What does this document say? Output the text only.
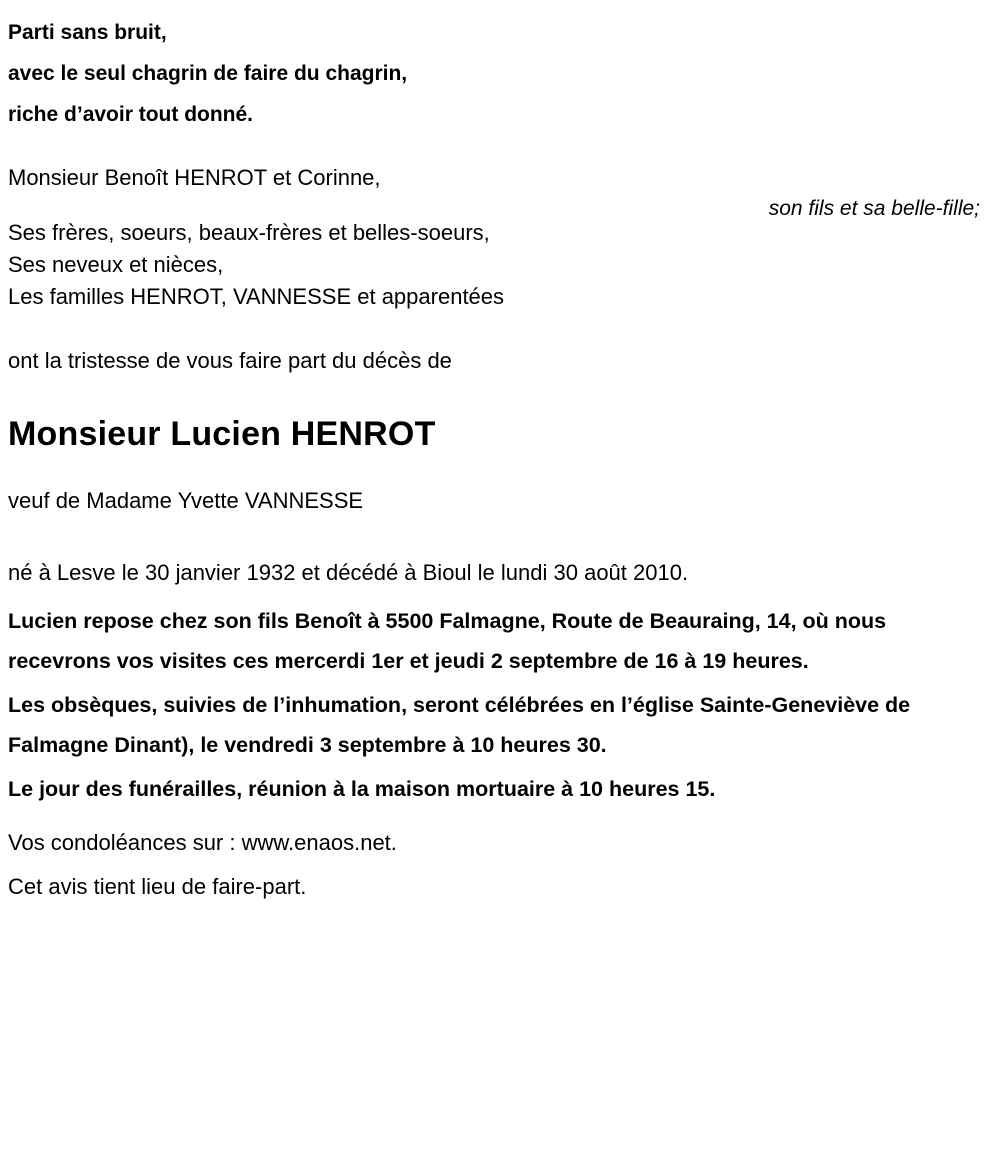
Parti sans bruit,
avec le seul chagrin de faire du chagrin,
riche d’avoir tout donné.
Monsieur Benoît HENROT et Corinne,
son fils et sa belle-fille;
Ses frères, soeurs, beaux-frères et belles-soeurs,
Ses neveux et nièces,
Les familles HENROT, VANNESSE et apparentées
ont la tristesse de vous faire part du décès de
Monsieur Lucien HENROT
veuf de Madame Yvette VANNESSE
né à Lesve le 30 janvier 1932 et décédé à Bioul le lundi 30 août 2010.
Lucien repose chez son fils Benoît à 5500 Falmagne, Route de Beauraing, 14, où nous recevrons vos visites ces mercerdi 1er et jeudi 2 septembre de 16 à 19 heures.
Les obsèques, suivies de l’inhumation, seront célébrées en l’église Sainte-Geneviève de Falmagne Dinant), le vendredi 3 septembre à 10 heures 30.
Le jour des funérailles, réunion à la maison mortuaire à 10 heures 15.
Vos condoléances sur : www.enaos.net.
Cet avis tient lieu de faire-part.
